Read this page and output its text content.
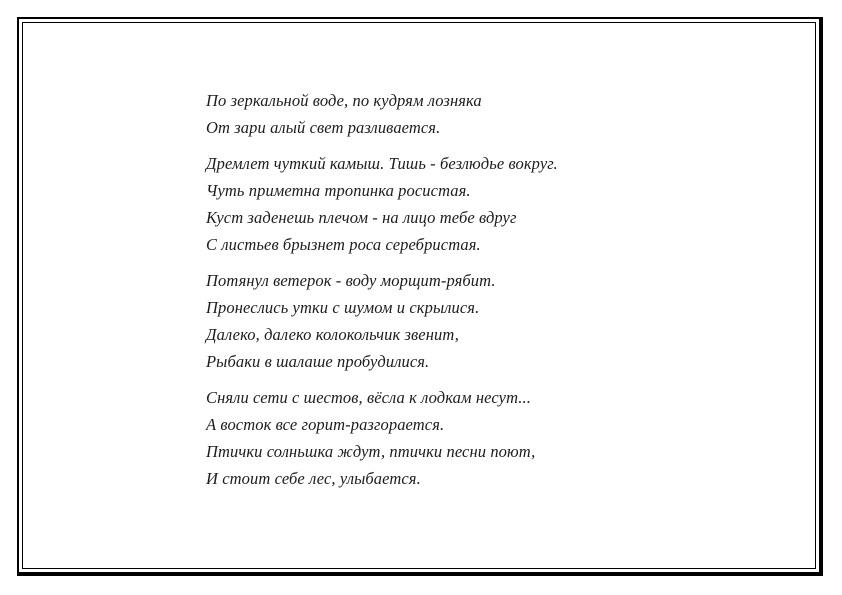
По зеркальной воде, по кудрям лозняка
От зари алый свет разливается.
Дремлет чуткий камыш. Тишь - безлюдье вокруг.
Чуть приметна тропинка росистая.
Куст заденешь плечом - на лицо тебе вдруг
С листьев брызнет роса серебристая.
Потянул ветерок - воду морщит-рябит.
Пронеслись утки с шумом и скрылися.
Далеко, далеко колокольчик звенит,
Рыбаки в шалаше пробудилися.
Сняли сети с шестов, вёсла к лодкам несут...
А восток все горит-разгорается.
Птички солньшка ждут, птички песни поют,
И стоит себе лес, улыбается.
